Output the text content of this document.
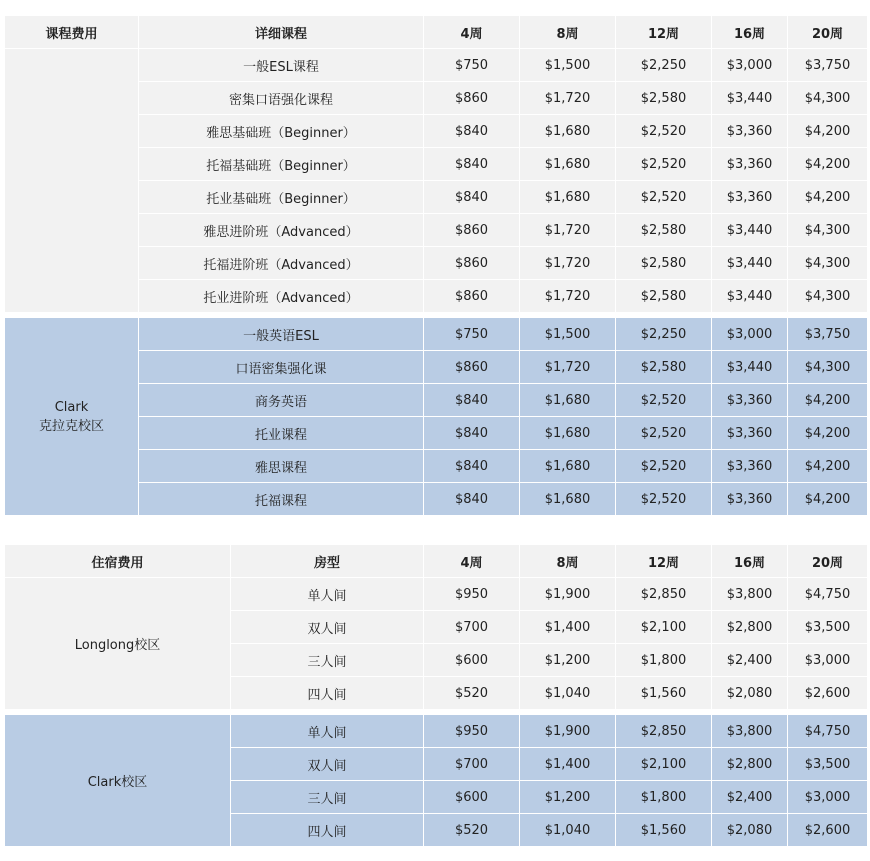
课程费用	详细课程	4周	8周	12周	16周	20周
	一般ESL课程	$750	$1,500	$2,250	$3,000	$3,750
	密集口语强化课程	$860	$1,720	$2,580	$3,440	$4,300
	雅思基础班（Beginner）	$840	$1,680	$2,520	$3,360	$4,200
	托福基础班（Beginner）	$840	$1,680	$2,520	$3,360	$4,200
	托业基础班（Beginner）	$840	$1,680	$2,520	$3,360	$4,200
	雅思进阶班（Advanced）	$860	$1,720	$2,580	$3,440	$4,300
	托福进阶班（Advanced）	$860	$1,720	$2,580	$3,440	$4,300
	托业进阶班（Advanced）	$860	$1,720	$2,580	$3,440	$4,300

Clark
克拉克校区	一般英语ESL	$750	$1,500	$2,250	$3,000	$3,750
	口语密集强化课	$860	$1,720	$2,580	$3,440	$4,300
	商务英语	$840	$1,680	$2,520	$3,360	$4,200
	托业课程	$840	$1,680	$2,520	$3,360	$4,200
	雅思课程	$840	$1,680	$2,520	$3,360	$4,200
	托福课程	$840	$1,680	$2,520	$3,360	$4,200
住宿费用	房型	4周	8周	12周	16周	20周
Longlong校区	单人间	$950	$1,900	$2,850	$3,800	$4,750
	双人间	$700	$1,400	$2,100	$2,800	$3,500
	三人间	$600	$1,200	$1,800	$2,400	$3,000
	四人间	$520	$1,040	$1,560	$2,080	$2,600

Clark校区	单人间	$950	$1,900	$2,850	$3,800	$4,750
	双人间	$700	$1,400	$2,100	$2,800	$3,500
	三人间	$600	$1,200	$1,800	$2,400	$3,000
	四人间	$520	$1,040	$1,560	$2,080	$2,600
